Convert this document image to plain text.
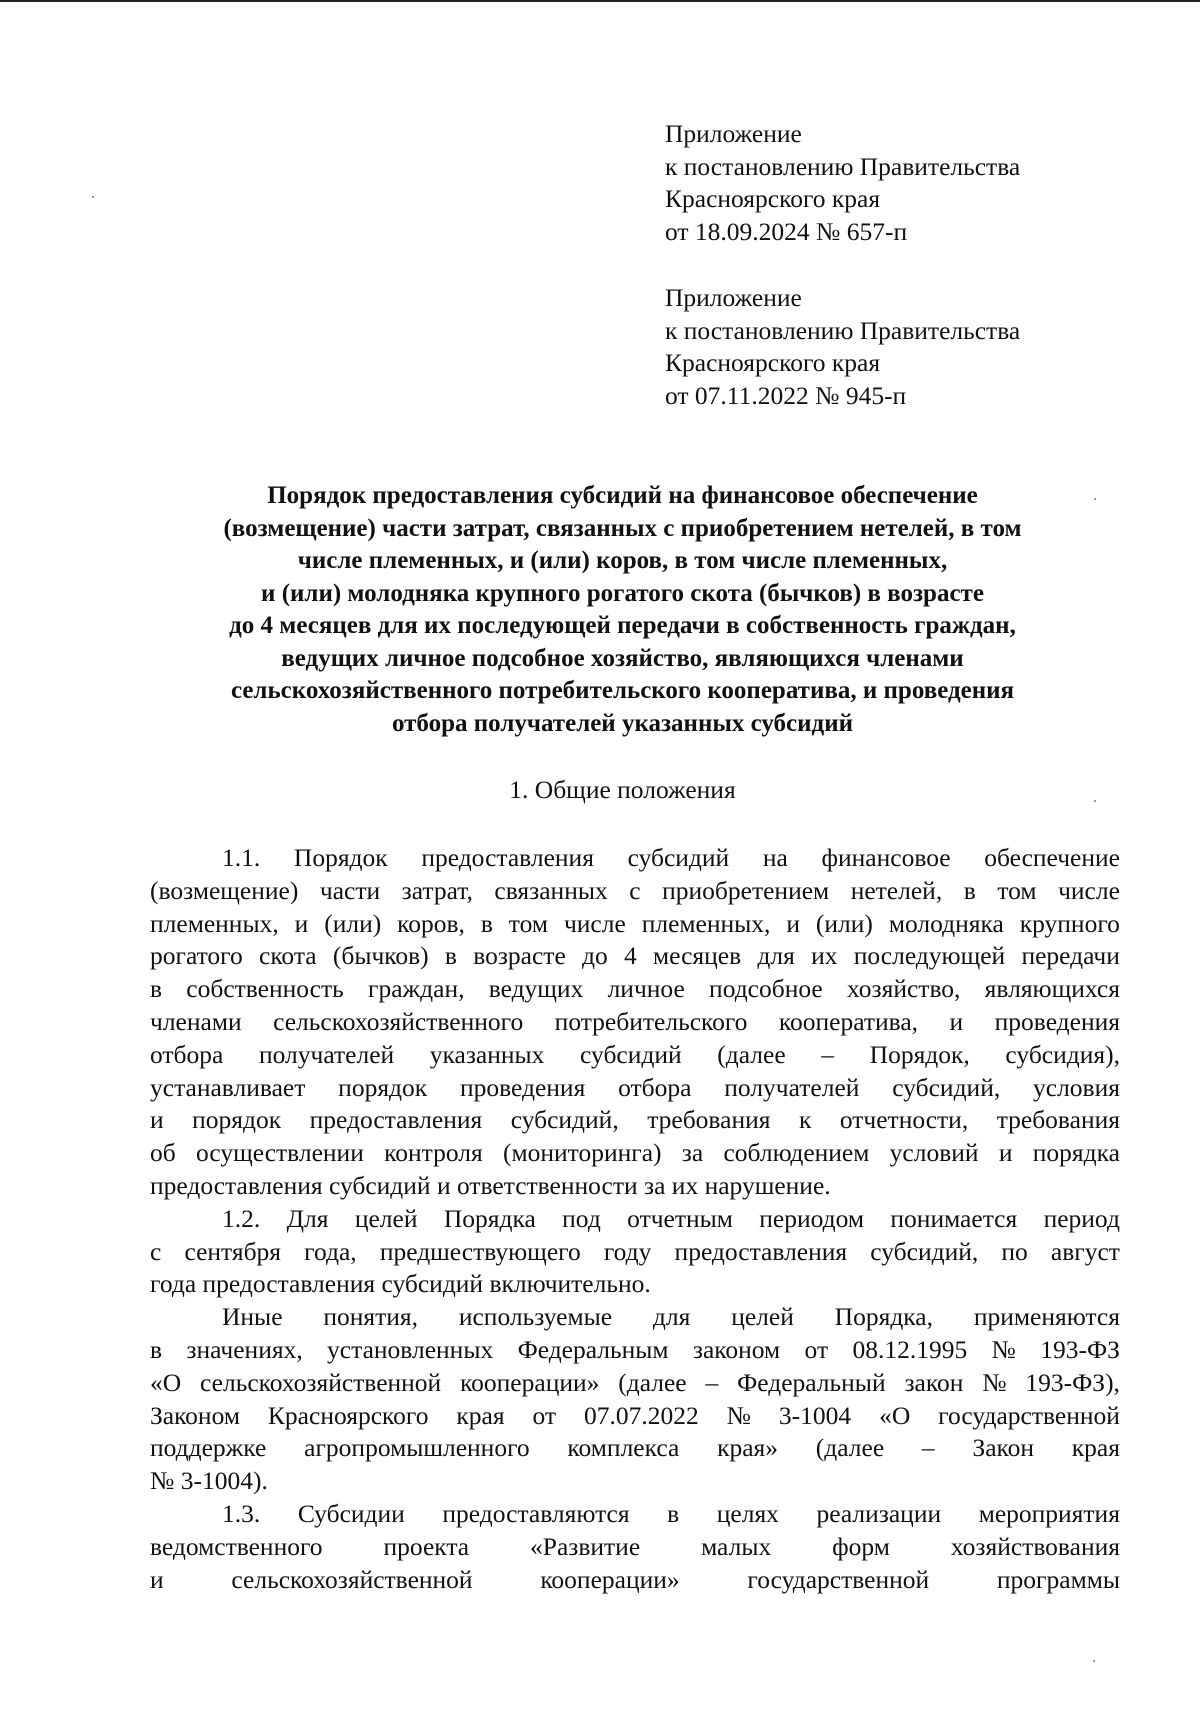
Приложение
к постановлению Правительства
Красноярского края
от 18.09.2024 № 657-п
Приложение
к постановлению Правительства
Красноярского края
от 07.11.2022 № 945-п
Порядок предоставления субсидий на финансовое обеспечение
(возмещение) части затрат, связанных с приобретением нетелей, в том
числе племенных, и (или) коров, в том числе племенных,
и (или) молодняка крупного рогатого скота (бычков) в возрасте
до 4 месяцев для их последующей передачи в собственность граждан,
ведущих личное подсобное хозяйство, являющихся членами
сельскохозяйственного потребительского кооператива, и проведения
отбора получателей указанных субсидий
1. Общие положения
1.1. Порядок предоставления субсидий на финансовое обеспечение
(возмещение) части затрат, связанных с приобретением нетелей, в том числе
племенных, и (или) коров, в том числе племенных, и (или) молодняка крупного
рогатого скота (бычков) в возрасте до 4 месяцев для их последующей передачи
в собственность граждан, ведущих личное подсобное хозяйство, являющихся
членами сельскохозяйственного потребительского кооператива, и проведения
отбора получателей указанных субсидий (далее – Порядок, субсидия),
устанавливает порядок проведения отбора получателей субсидий, условия
и порядок предоставления субсидий, требования к отчетности, требования
об осуществлении контроля (мониторинга) за соблюдением условий и порядка
предоставления субсидий и ответственности за их нарушение.
1.2. Для целей Порядка под отчетным периодом понимается период
с сентября года, предшествующего году предоставления субсидий, по август
года предоставления субсидий включительно.
Иные понятия, используемые для целей Порядка, применяются
в значениях, установленных Федеральным законом от 08.12.1995 № 193-ФЗ
«О сельскохозяйственной кооперации» (далее – Федеральный закон № 193-ФЗ),
Законом Красноярского края от 07.07.2022 № 3-1004 «О государственной
поддержке агропромышленного комплекса края» (далее – Закон края
№ 3-1004).
1.3. Субсидии предоставляются в целях реализации мероприятия
ведомственного проекта «Развитие малых форм хозяйствования
и	сельскохозяйственной	кооперации»	государственной	программы
